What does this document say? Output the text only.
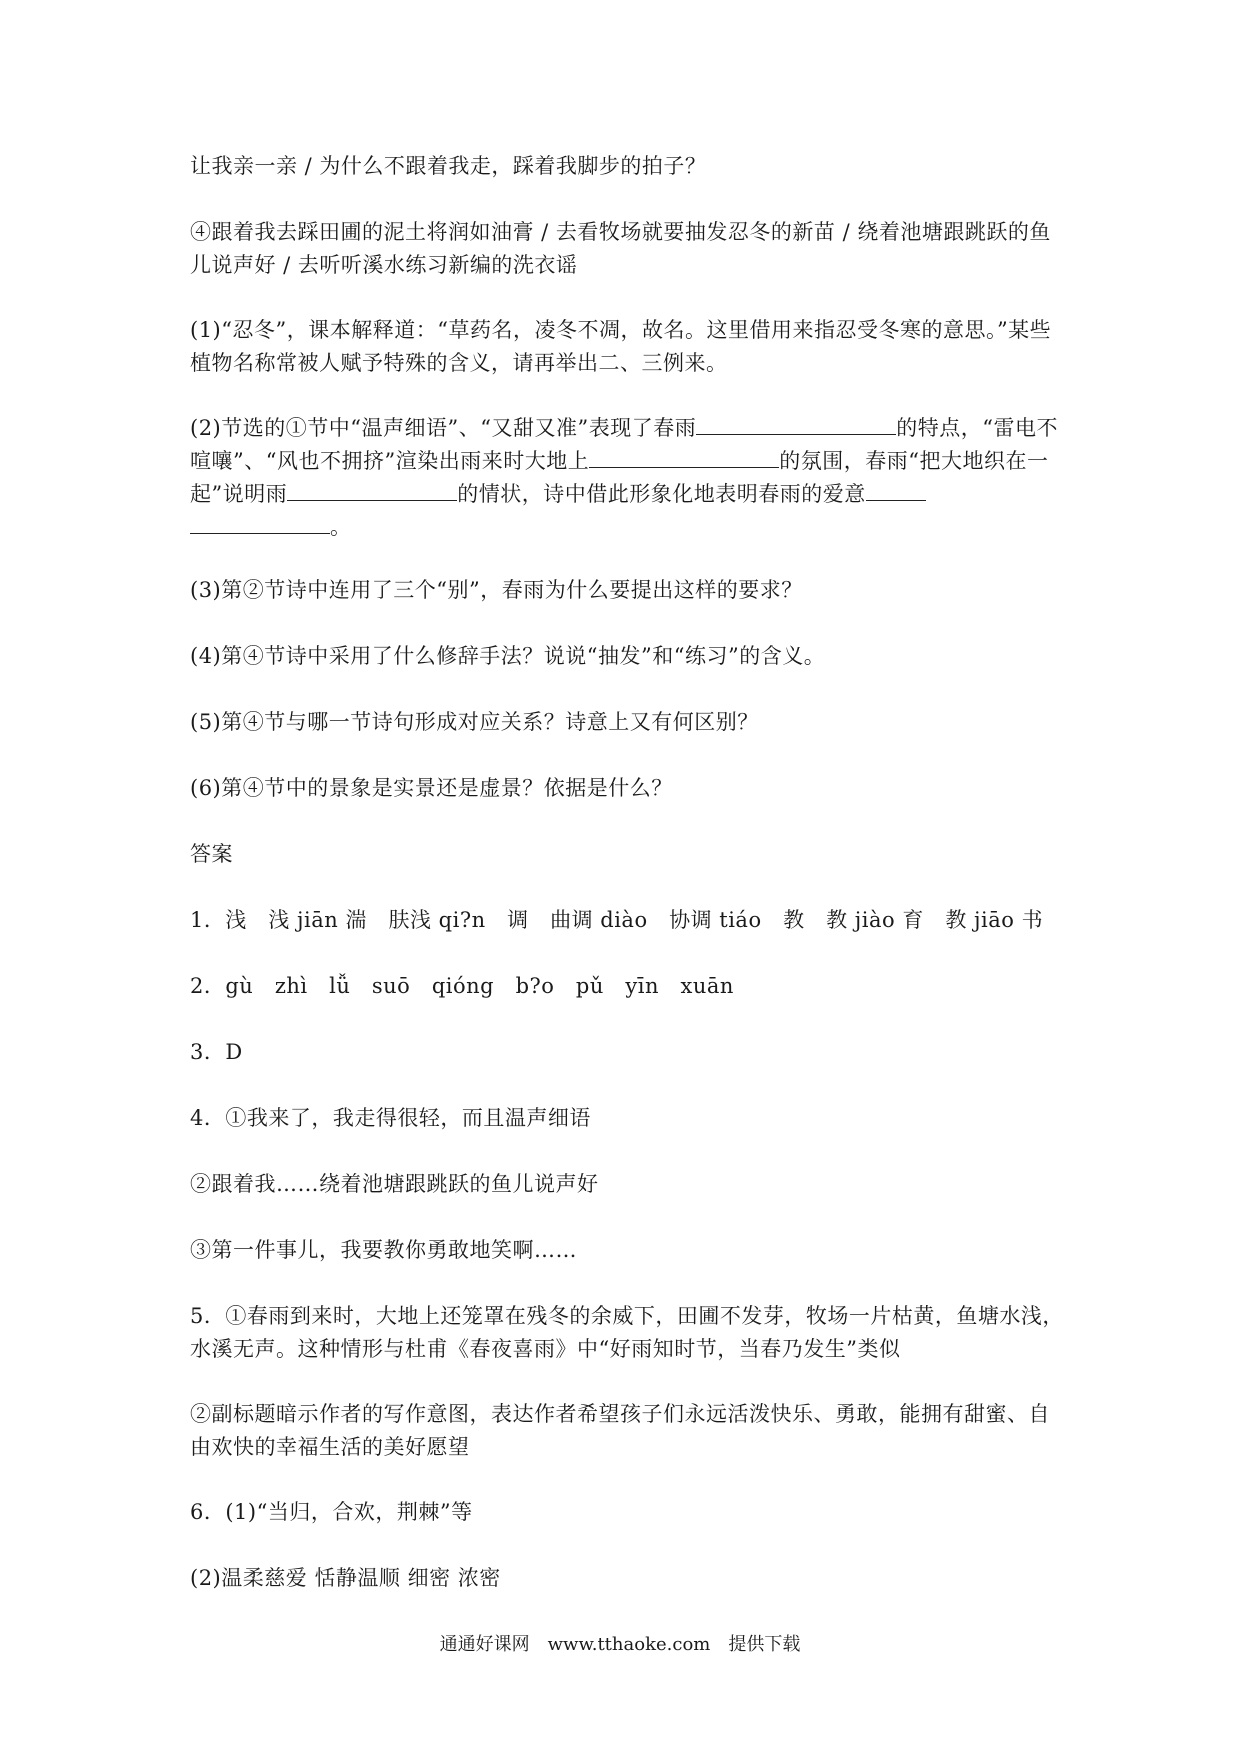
让我亲一亲 / 为什么不跟着我走，踩着我脚步的拍子？

④跟着我去踩田圃的泥土将润如油膏 / 去看牧场就要抽发忍冬的新苗 / 绕着池塘跟跳跃的鱼儿说声好 / 去听听溪水练习新编的洗衣谣

(1)“忍冬”，课本解释道：“草药名，凌冬不凋，故名。这里借用来指忍受冬寒的意思。”某些植物名称常被人赋予特殊的含义，请再举出二、三例来。

(2)节选的①节中“温声细语”、“又甜又准”表现了春雨	的特点，“雷电不喧嚷”、“风也不拥挤”渲染出雨来时大地上	的氛围，春雨“把大地织在一起”说明雨	的情状，诗中借此形象化地表明春雨的爱意。

(3)第②节诗中连用了三个“别”，春雨为什么要提出这样的要求？

(4)第④节诗中采用了什么修辞手法？说说“抽发”和“练习”的含义。

(5)第④节与哪一节诗句形成对应关系？诗意上又有何区别？

(6)第④节中的景象是实景还是虚景？依据是什么？

答案

1．浅　浅 jiān 湍　肤浅 qi?n　调　曲调 diào　协调 tiáo　教　教 jiào 育　教 jiāo 书

2．gù　zhì　lǚ　suō　qióng　b?o　pǔ　yīn　xuān

3．D

4．①我来了，我走得很轻，而且温声细语

②跟着我……绕着池塘跟跳跃的鱼儿说声好

③第一件事儿，我要教你勇敢地笑啊……

5．①春雨到来时，大地上还笼罩在残冬的余威下，田圃不发芽，牧场一片枯黄，鱼塘水浅，水溪无声。这种情形与杜甫《春夜喜雨》中“好雨知时节，当春乃发生”类似

②副标题暗示作者的写作意图，表达作者希望孩子们永远活泼快乐、勇敢，能拥有甜蜜、自由欢快的幸福生活的美好愿望

6．(1)“当归，合欢，荆棘”等

(2)温柔慈爱 恬静温顺 细密 浓密

通通好课网　www.tthaoke.com　提供下载
